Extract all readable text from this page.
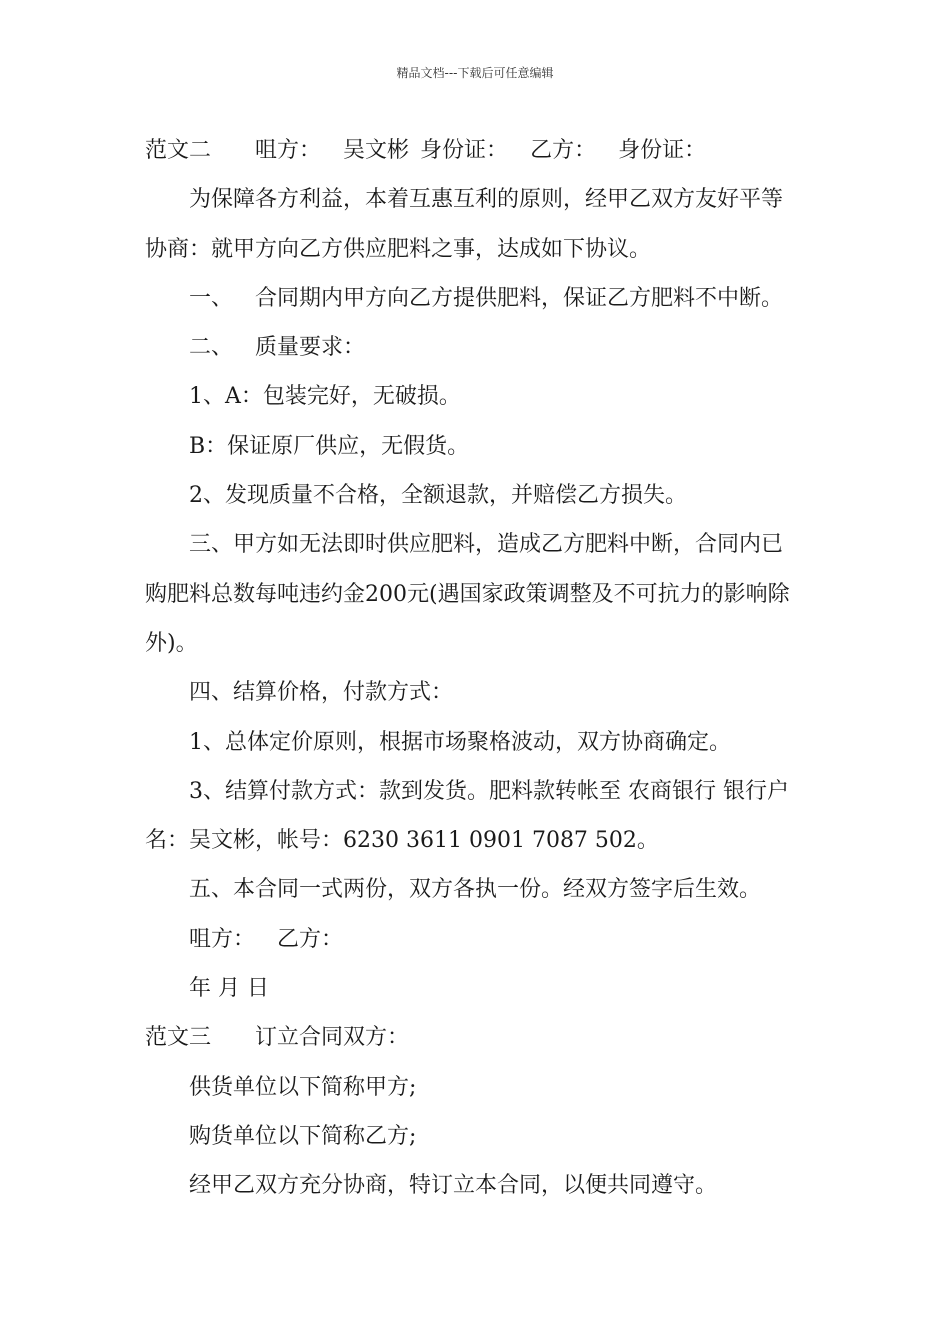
精品文档---下载后可任意编辑
范文二 咀方： 吴文彬 身份证： 乙方： 身份证：
为保障各方利益，本着互惠互利的原则，经甲乙双方友好平等
协商：就甲方向乙方供应肥料之事，达成如下协议。
一、 合同期内甲方向乙方提供肥料，保证乙方肥料不中断。
二、 质量要求：
1、A：包装完好，无破损。
B：保证原厂供应，无假货。
2、发现质量不合格，全额退款，并赔偿乙方损失。
三、甲方如无法即时供应肥料，造成乙方肥料中断，合同内已
购肥料总数每吨违约金200元(遇国家政策调整及不可抗力的影响除
外)。
四、结算价格，付款方式：
1、总体定价原则，根据市场聚格波动，双方协商确定。
3、结算付款方式：款到发货。肥料款转帐至 农商银行 银行户
名：吴文彬，帐号：6230 3611 0901 7087 502。
五、本合同一式两份，双方各执一份。经双方签字后生效。
咀方： 乙方：
年 月 日
范文三 订立合同双方：
供货单位以下简称甲方;
购货单位以下简称乙方;
经甲乙双方充分协商，特订立本合同，以便共同遵守。
